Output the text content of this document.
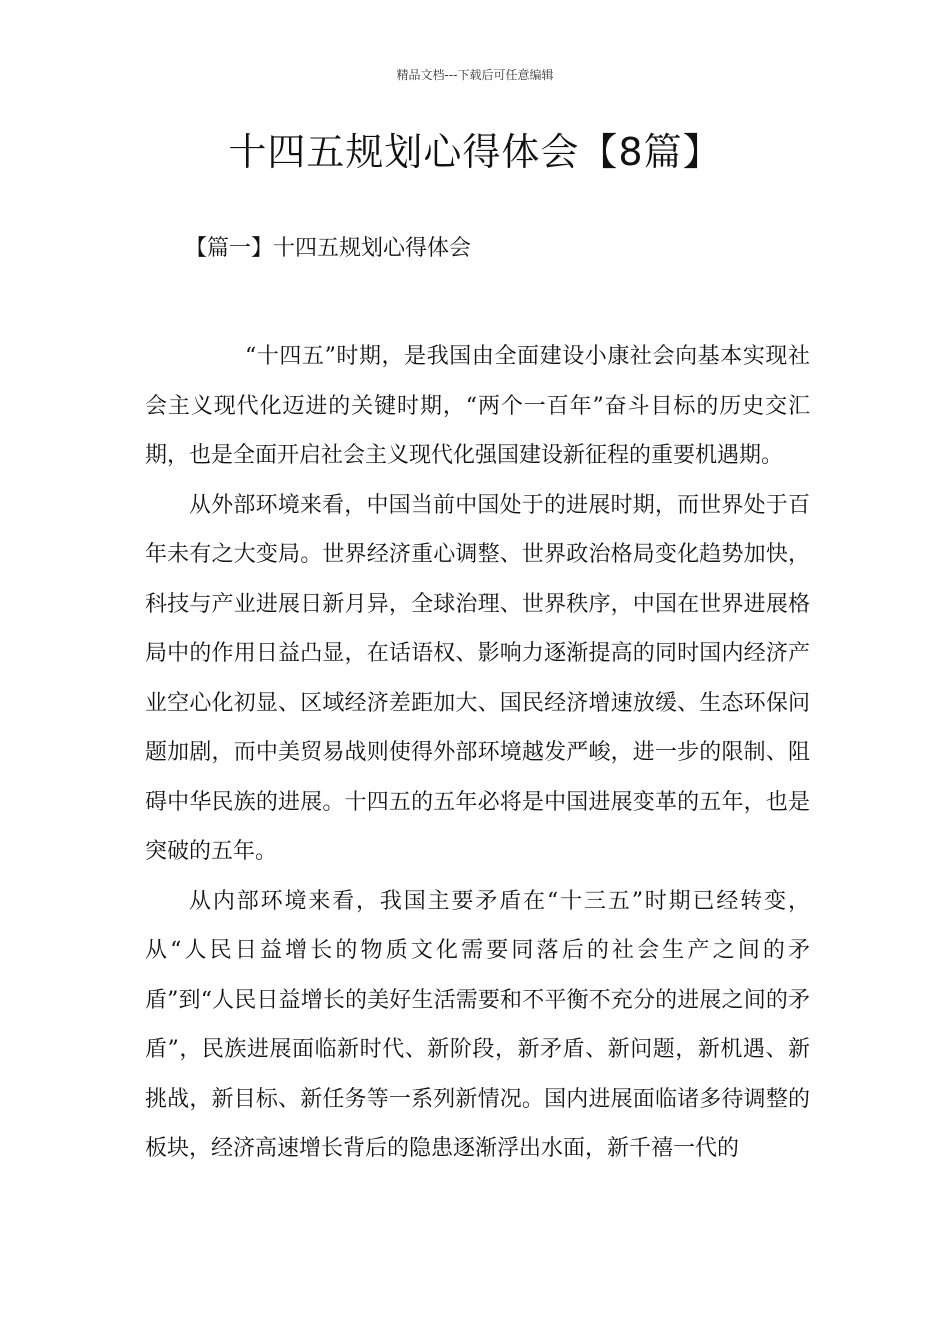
精品文档---下载后可任意编辑
十四五规划心得体会【8篇】
【篇一】十四五规划心得体会

“十四五”时期，是我国由全面建设小康社会向基本实现社会主义现代化迈进的关键时期，“两个一百年”奋斗目标的历史交汇期，也是全面开启社会主义现代化强国建设新征程的重要机遇期。

从外部环境来看，中国当前中国处于的进展时期，而世界处于百年未有之大变局。世界经济重心调整、世界政治格局变化趋势加快，科技与产业进展日新月异，全球治理、世界秩序，中国在世界进展格局中的作用日益凸显，在话语权、影响力逐渐提高的同时国内经济产业空心化初显、区域经济差距加大、国民经济增速放缓、生态环保问题加剧，而中美贸易战则使得外部环境越发严峻，进一步的限制、阻碍中华民族的进展。十四五的五年必将是中国进展变革的五年，也是突破的五年。

从内部环境来看，我国主要矛盾在“十三五”时期已经转变，从“人民日益增长的物质文化需要同落后的社会生产之间的矛盾”到“人民日益增长的美好生活需要和不平衡不充分的进展之间的矛盾”，民族进展面临新时代、新阶段，新矛盾、新问题，新机遇、新挑战，新目标、新任务等一系列新情况。国内进展面临诸多待调整的板块，经济高速增长背后的隐患逐渐浮出水面，新千禧一代的
